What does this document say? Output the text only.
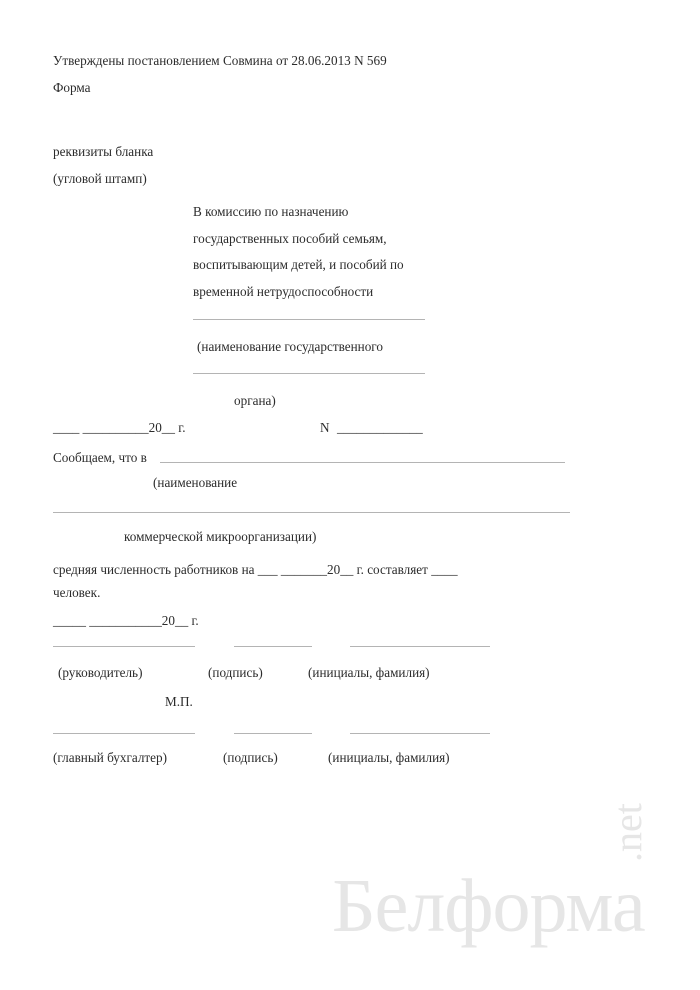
Утверждены постановлением Совмина от 28.06.2013 N 569
Форма
реквизиты бланка
(угловой штамп)
В комиссию по назначению
государственных пособий семьям,
воспитывающим детей, и пособий по
временной нетрудоспособности
(наименование государственного
органа)
____ __________20__ г.	N _____________
Сообщаем, что в
(наименование
коммерческой микроорганизации)
средняя численность работников на ___ _______20__ г. составляет ____
человек.
_____ ___________20__ г.
(руководитель)	(подпись)	(инициалы, фамилия)
М.П.
(главный бухгалтер)	(подпись)	(инициалы, фамилия)
Белформа
.net
